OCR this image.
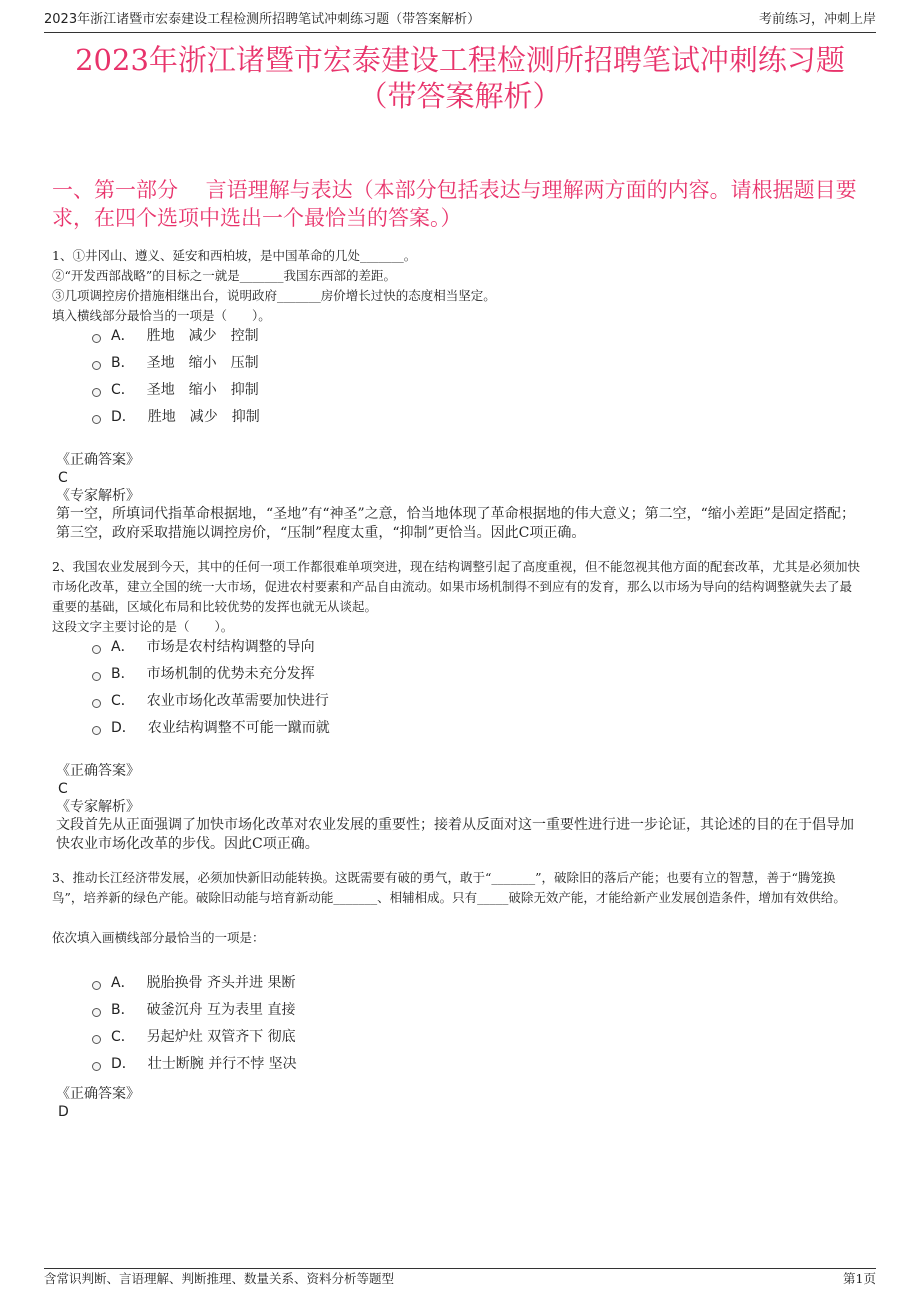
2023年浙江诸暨市宏泰建设工程检测所招聘笔试冲刺练习题（带答案解析）	考前练习，冲刺上岸
2023年浙江诸暨市宏泰建设工程检测所招聘笔试冲刺练习题
（带答案解析）
一、第一部分　 言语理解与表达（本部分包括表达与理解两方面的内容。请根据题目要求，在四个选项中选出一个最恰当的答案。）

1、①井冈山、遵义、延安和西柏坡，是中国革命的几处_______。

②“开发西部战略”的目标之一就是_______我国东西部的差距。

③几项调控房价措施相继出台，说明政府_______房价增长过快的态度相当坚定。

填入横线部分最恰当的一项是（　　）。

A． 胜地　减少　控制
B． 圣地　缩小　压制
C． 圣地　缩小　抑制
D． 胜地　减少　抑制
《正确答案》
C
《专家解析》
第一空，所填词代指革命根据地，“圣地”有“神圣”之意，恰当地体现了革命根据地的伟大意义；第二空，“缩小差距”是固定搭配；第三空，政府采取措施以调控房价，“压制”程度太重，“抑制”更恰当。因此C项正确。

2、我国农业发展到今天，其中的任何一项工作都很难单项突进，现在结构调整引起了高度重视，但不能忽视其他方面的配套改革，尤其是必须加快市场化改革，建立全国的统一大市场，促进农村要素和产品自由流动。如果市场机制得不到应有的发育，那么以市场为导向的结构调整就失去了最重要的基础，区域化布局和比较优势的发挥也就无从谈起。

这段文字主要讨论的是（　　）。

A． 市场是农村结构调整的导向
B． 市场机制的优势未充分发挥
C． 农业市场化改革需要加快进行
D． 农业结构调整不可能一蹴而就
《正确答案》
C
《专家解析》
文段首先从正面强调了加快市场化改革对农业发展的重要性；接着从反面对这一重要性进行进一步论证，其论述的目的在于倡导加快农业市场化改革的步伐。因此C项正确。

3、推动长江经济带发展，必须加快新旧动能转换。这既需要有破的勇气，敢于“_______”，破除旧的落后产能；也要有立的智慧，善于“腾笼换鸟”，培养新的绿色产能。破除旧动能与培育新动能_______、相辅相成。只有_____破除无效产能，才能给新产业发展创造条件，增加有效供给。

依次填入画横线部分最恰当的一项是：

A． 脱胎换骨 齐头并进 果断
B． 破釜沉舟 互为表里 直接
C． 另起炉灶 双管齐下 彻底
D． 壮士断腕 并行不悖 坚决
《正确答案》
D
含常识判断、言语理解、判断推理、数量关系、资料分析等题型	第1页
